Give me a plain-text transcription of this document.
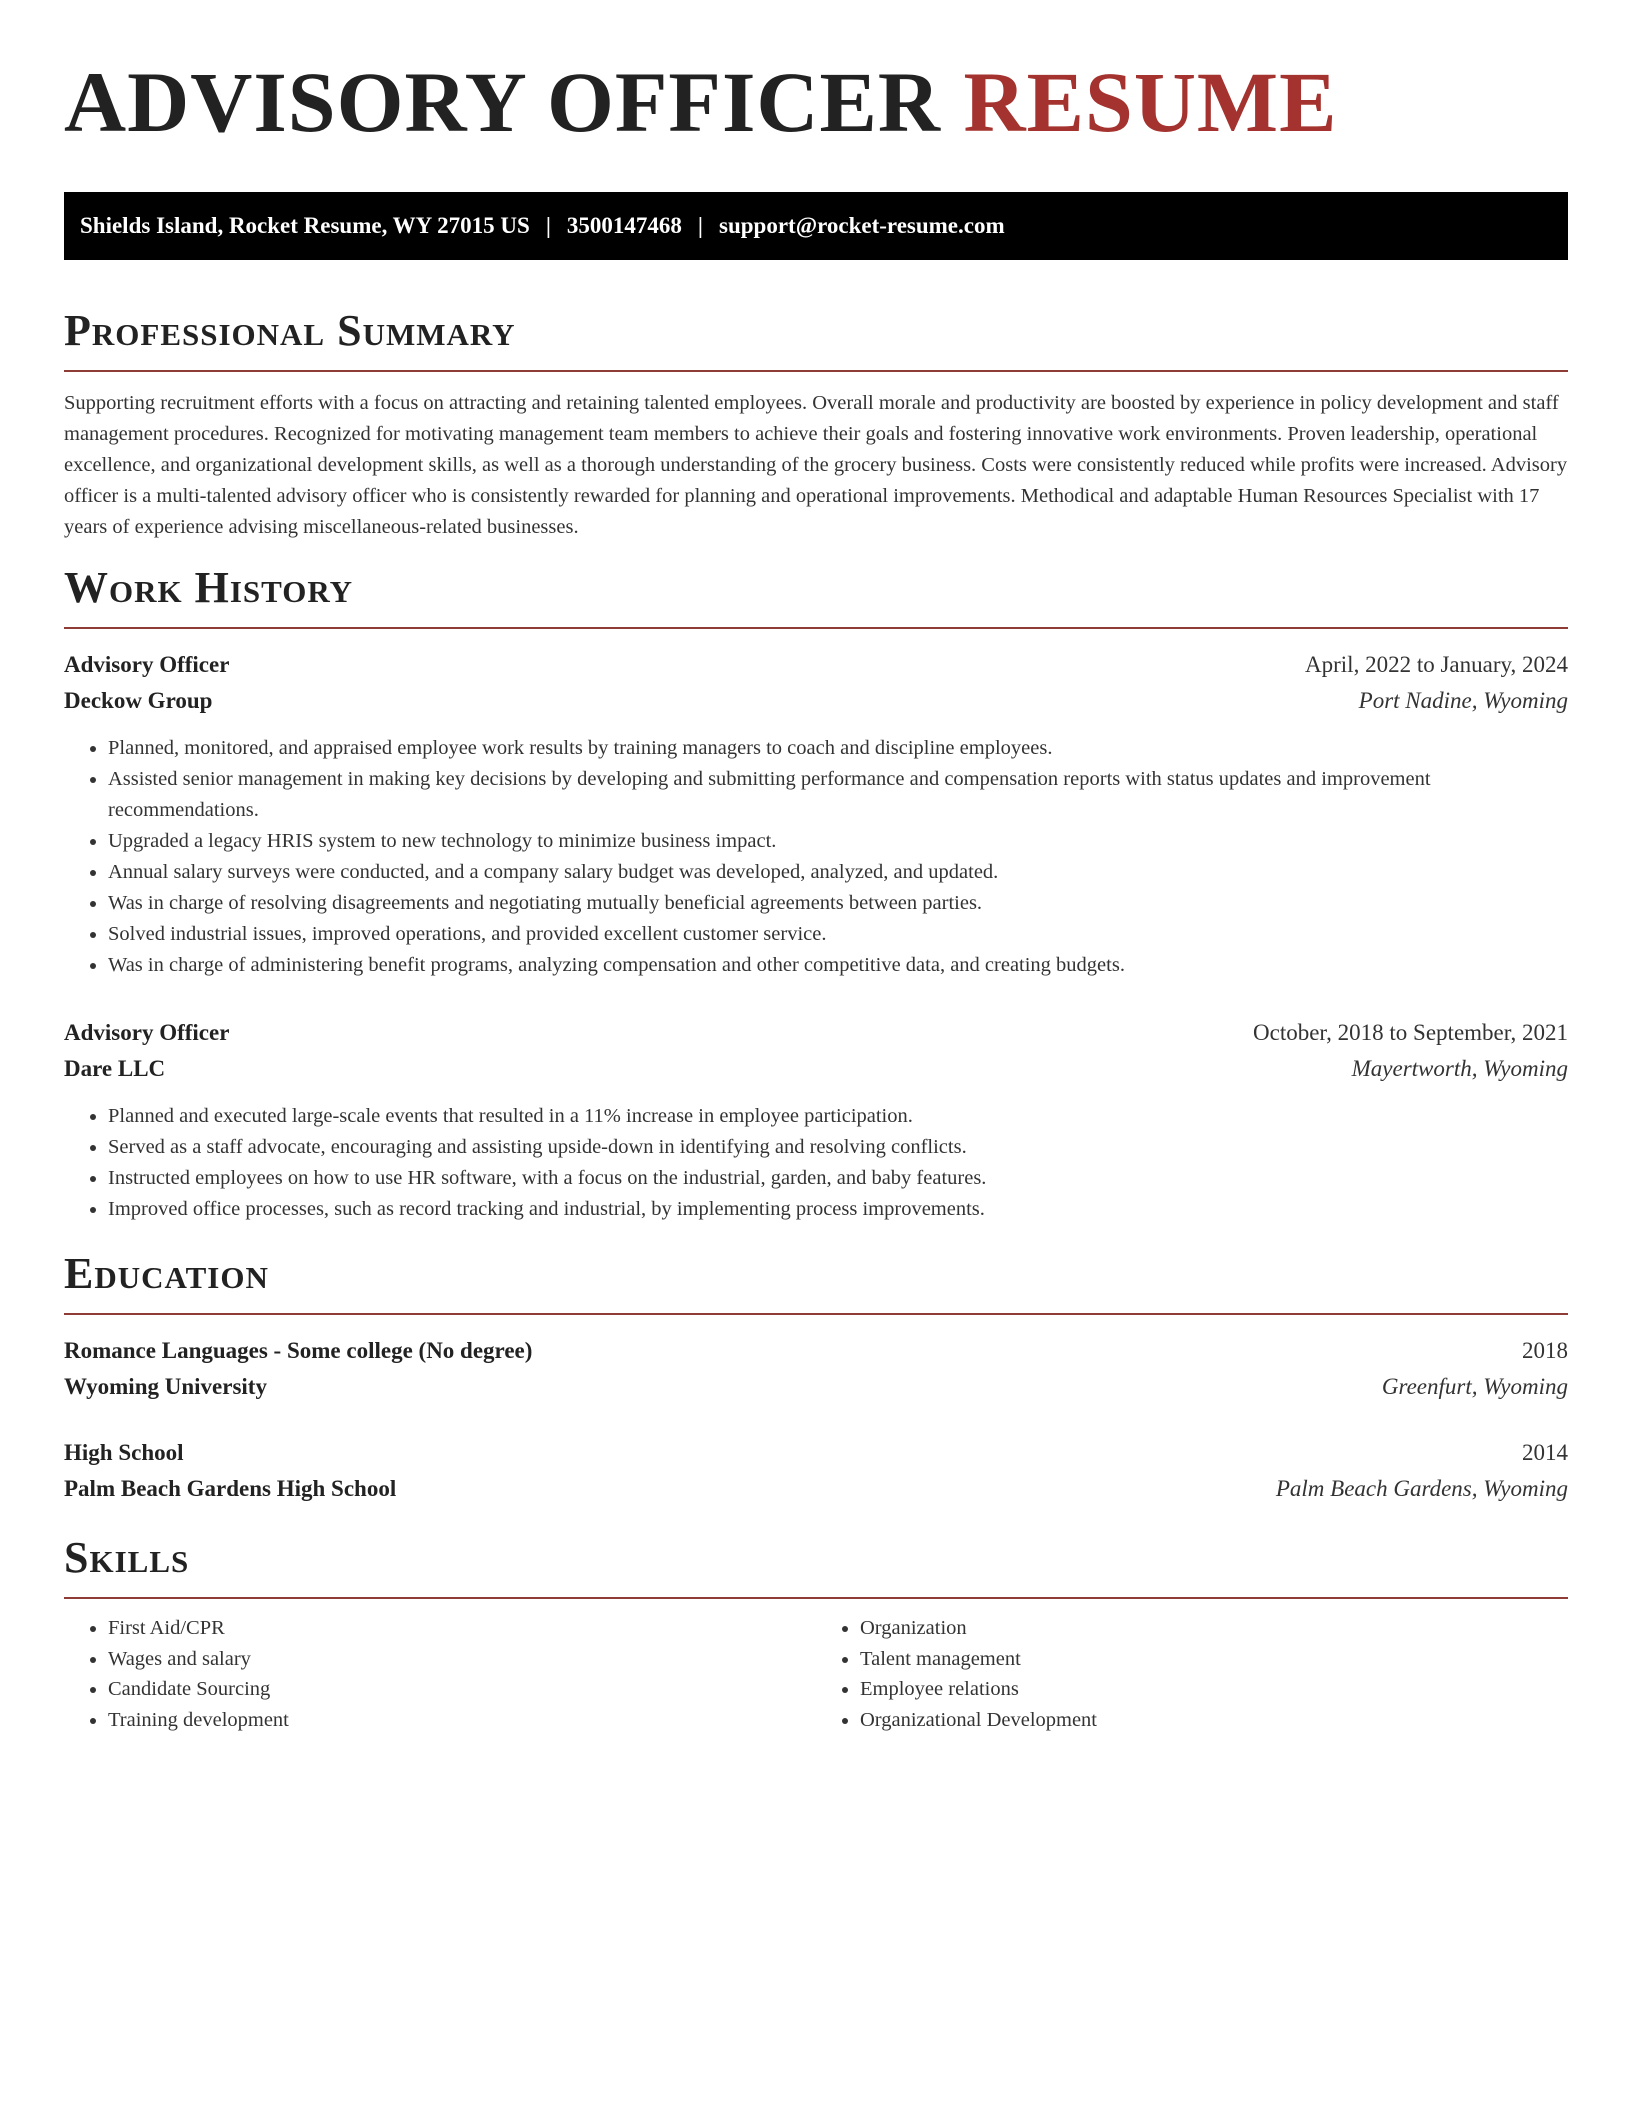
ADVISORY OFFICER RESUME
Shields Island, Rocket Resume, WY 27015 US | 3500147468 | support@rocket-resume.com
Professional Summary

Supporting recruitment efforts with a focus on attracting and retaining talented employees. Overall morale and productivity are boosted by experience in policy development and staff management procedures. Recognized for motivating management team members to achieve their goals and fostering innovative work environments. Proven leadership, operational excellence, and organizational development skills, as well as a thorough understanding of the grocery business. Costs were consistently reduced while profits were increased. Advisory officer is a multi-talented advisory officer who is consistently rewarded for planning and operational improvements. Methodical and adaptable Human Resources Specialist with 17 years of experience advising miscellaneous-related businesses.

Work History
Advisory Officer	April, 2022 to January, 2024
Deckow Group	Port Nadine, Wyoming
• Planned, monitored, and appraised employee work results by training managers to coach and discipline employees.
• Assisted senior management in making key decisions by developing and submitting performance and compensation reports with status updates and improvement recommendations.
• Upgraded a legacy HRIS system to new technology to minimize business impact.
• Annual salary surveys were conducted, and a company salary budget was developed, analyzed, and updated.
• Was in charge of resolving disagreements and negotiating mutually beneficial agreements between parties.
• Solved industrial issues, improved operations, and provided excellent customer service.
• Was in charge of administering benefit programs, analyzing compensation and other competitive data, and creating budgets.
Advisory Officer	October, 2018 to September, 2021
Dare LLC	Mayertworth, Wyoming
• Planned and executed large-scale events that resulted in a 11% increase in employee participation.
• Served as a staff advocate, encouraging and assisting upside-down in identifying and resolving conflicts.
• Instructed employees on how to use HR software, with a focus on the industrial, garden, and baby features.
• Improved office processes, such as record tracking and industrial, by implementing process improvements.
Education
Romance Languages - Some college (No degree)	2018
Wyoming University	Greenfurt, Wyoming
High School	2014
Palm Beach Gardens High School	Palm Beach Gardens, Wyoming
Skills
• First Aid/CPR
• Wages and salary
• Candidate Sourcing
• Training development
• Organization
• Talent management
• Employee relations
• Organizational Development
